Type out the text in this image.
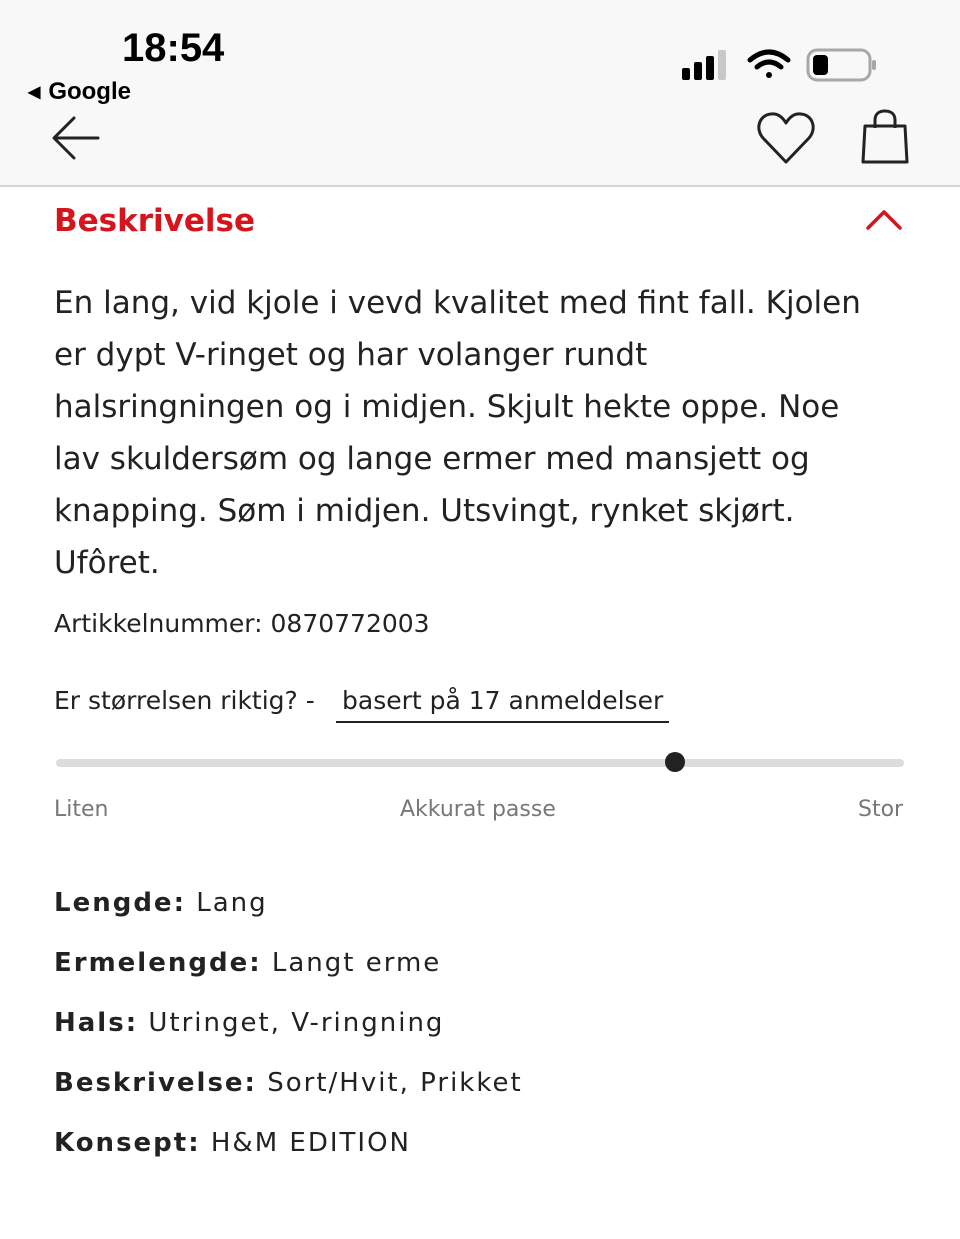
18:54
◀ Google
Beskrivelse
En lang, vid kjole i vevd kvalitet med fint fall. Kjolen
er dypt V-ringet og har volanger rundt
halsringningen og i midjen. Skjult hekte oppe. Noe
lav skuldersøm og lange ermer med mansjett og
knapping. Søm i midjen. Utsvingt, rynket skjørt.
Ufôret.
Artikkelnummer: 0870772003
Er størrelsen riktig? - basert på 17 anmeldelser
Liten	Akkurat passe	Stor
Lengde: Lang
Ermelengde: Langt erme
Hals: Utringet, V-ringning
Beskrivelse: Sort/Hvit, Prikket
Konsept: H&M EDITION
